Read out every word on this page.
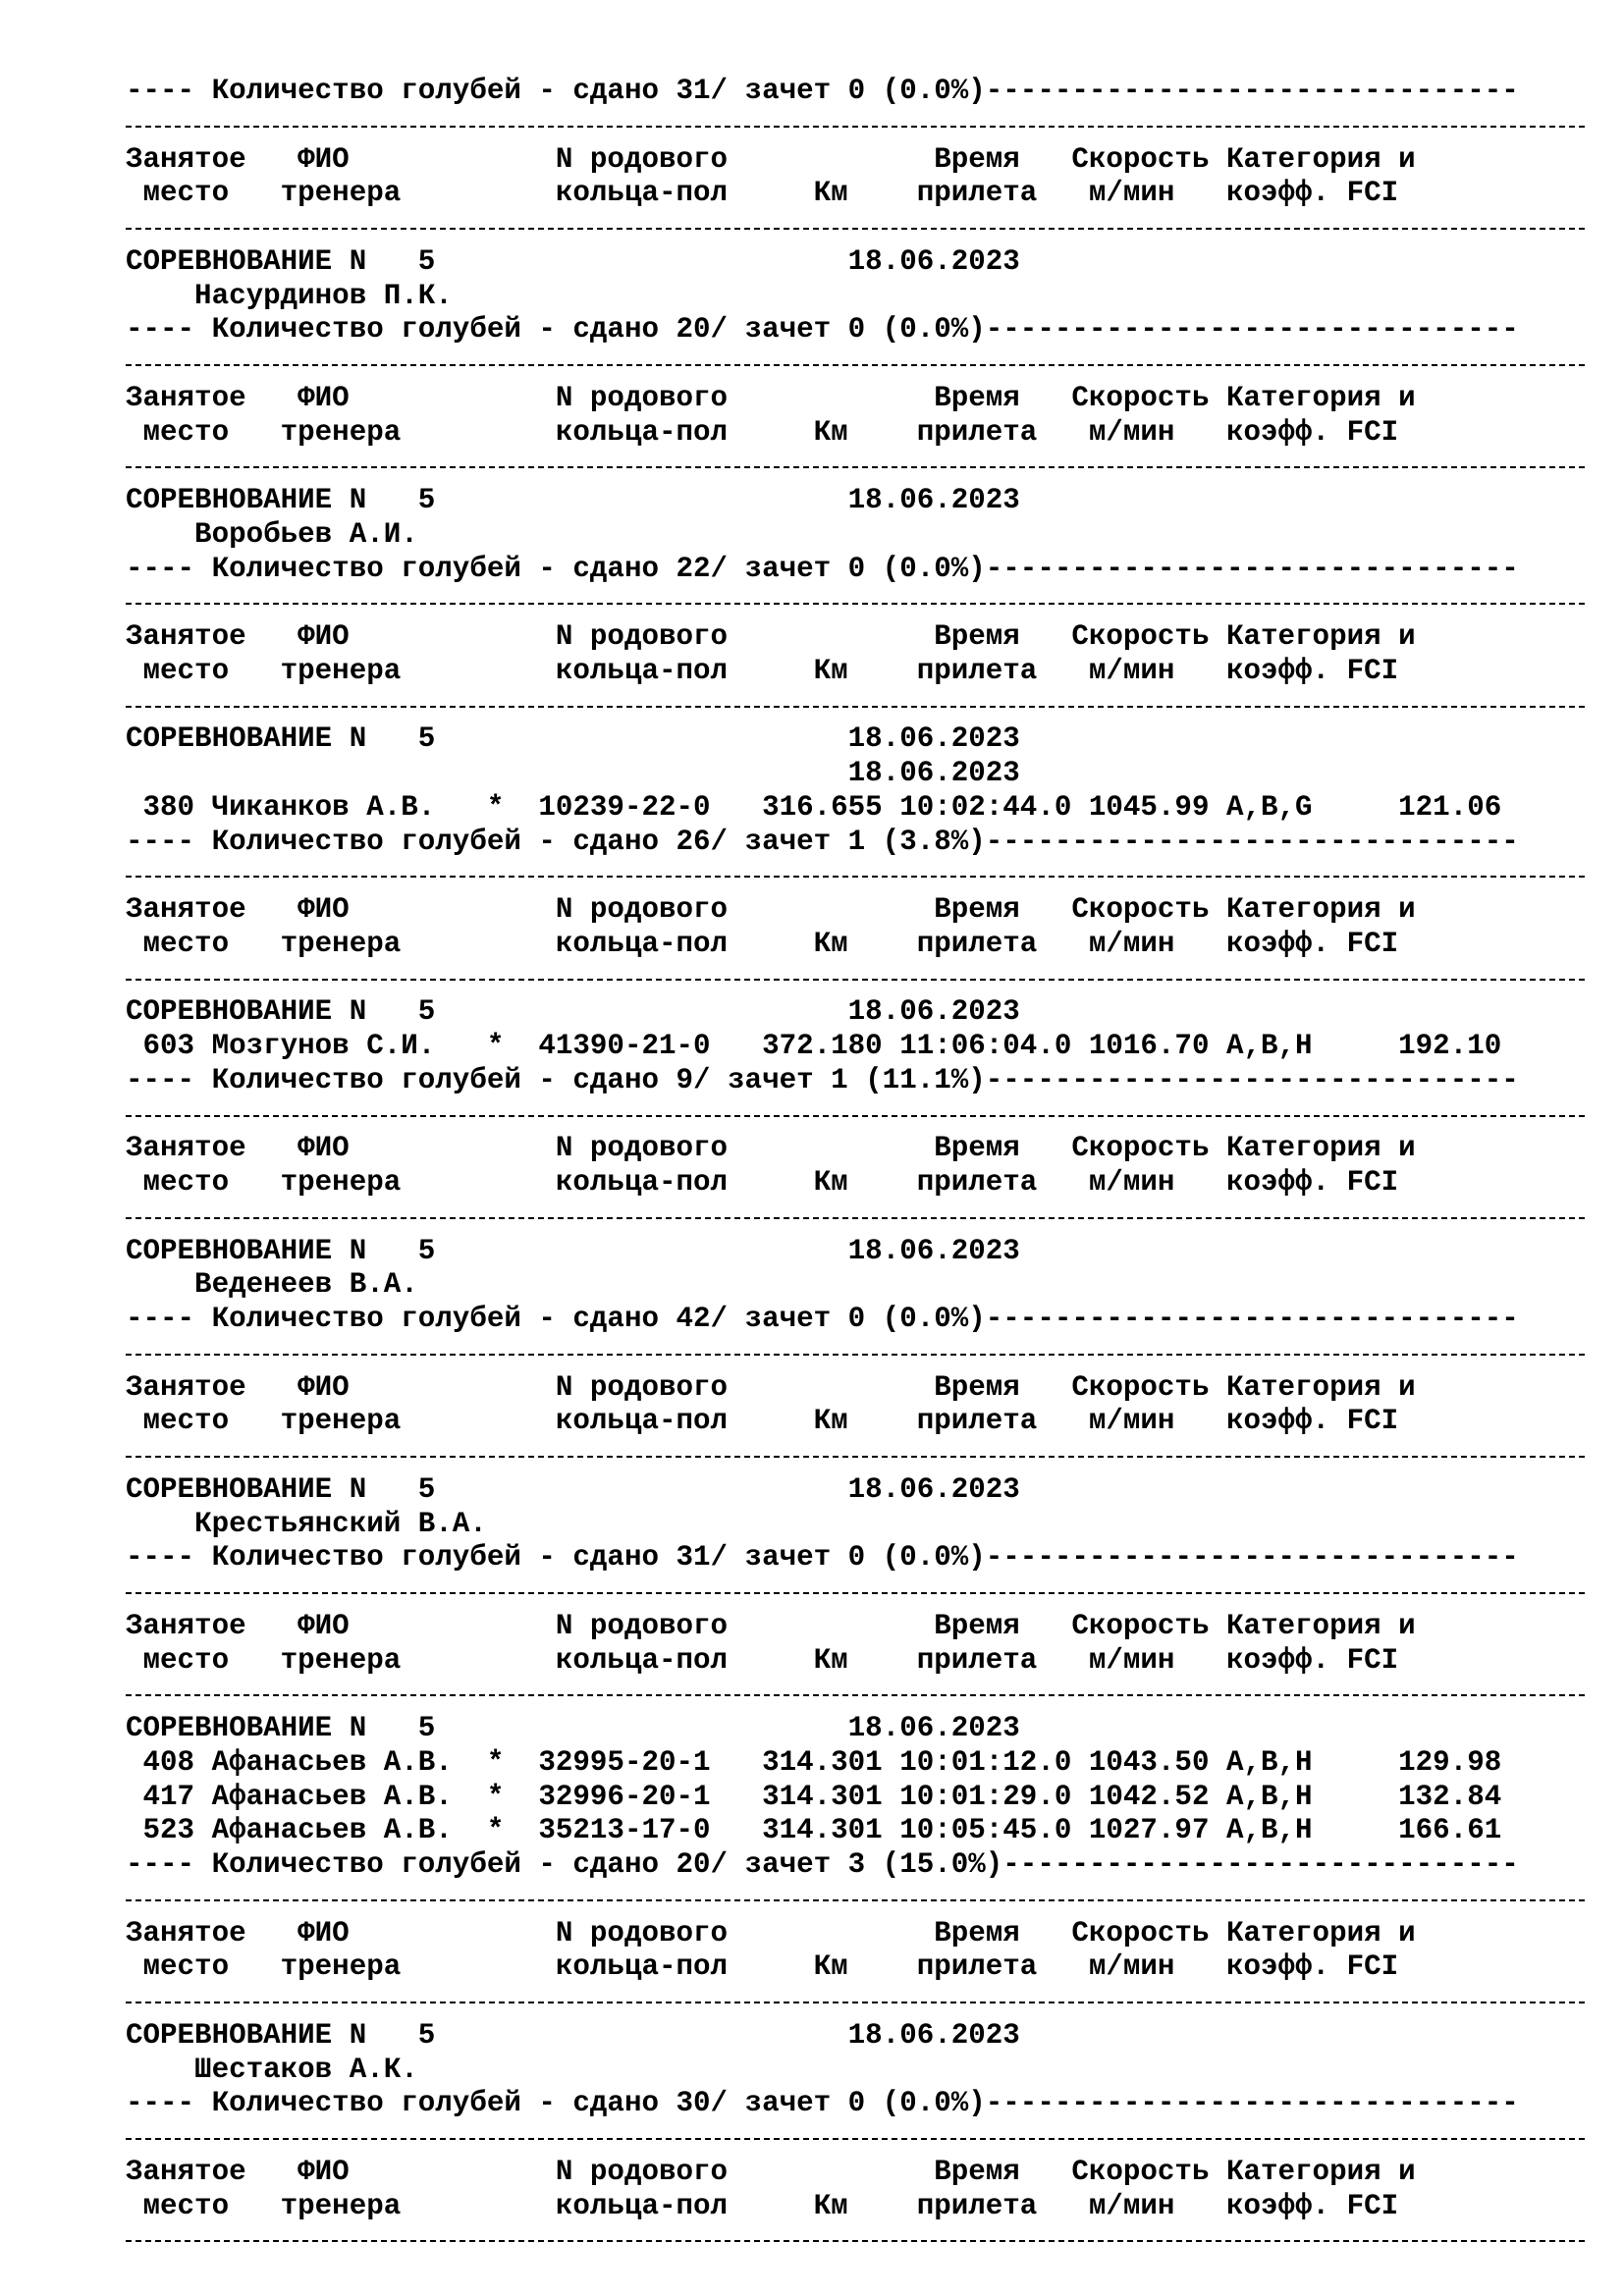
---- Количество голубей - сдано 31/ зачет 0 (0.0%)-------------------------------
Занятое   ФИО            N родового            Время   Скорость Категория и
место   тренера         кольца-пол     Км    прилета   м/мин   коэфф. FCI
СОРЕВНОВАНИЕ N   5                        18.06.2023
Насурдинов П.К.
---- Количество голубей - сдано 20/ зачет 0 (0.0%)-------------------------------
Занятое   ФИО            N родового            Время   Скорость Категория и
место   тренера         кольца-пол     Км    прилета   м/мин   коэфф. FCI
СОРЕВНОВАНИЕ N   5                        18.06.2023
Воробьев А.И.
---- Количество голубей - сдано 22/ зачет 0 (0.0%)-------------------------------
Занятое   ФИО            N родового            Время   Скорость Категория и
место   тренера         кольца-пол     Км    прилета   м/мин   коэфф. FCI
СОРЕВНОВАНИЕ N   5                        18.06.2023
18.06.2023
380 Чиканков А.В.   *  10239-22-0   316.655 10:02:44.0 1045.99 A,B,G     121.06
---- Количество голубей - сдано 26/ зачет 1 (3.8%)-------------------------------
Занятое   ФИО            N родового            Время   Скорость Категория и
место   тренера         кольца-пол     Км    прилета   м/мин   коэфф. FCI
СОРЕВНОВАНИЕ N   5                        18.06.2023
603 Мозгунов С.И.   *  41390-21-0   372.180 11:06:04.0 1016.70 A,B,H     192.10
---- Количество голубей - сдано 9/ зачет 1 (11.1%)-------------------------------
Занятое   ФИО            N родового            Время   Скорость Категория и
место   тренера         кольца-пол     Км    прилета   м/мин   коэфф. FCI
СОРЕВНОВАНИЕ N   5                        18.06.2023
Веденеев В.А.
---- Количество голубей - сдано 42/ зачет 0 (0.0%)-------------------------------
Занятое   ФИО            N родового            Время   Скорость Категория и
место   тренера         кольца-пол     Км    прилета   м/мин   коэфф. FCI
СОРЕВНОВАНИЕ N   5                        18.06.2023
Крестьянский В.А.
---- Количество голубей - сдано 31/ зачет 0 (0.0%)-------------------------------
Занятое   ФИО            N родового            Время   Скорость Категория и
место   тренера         кольца-пол     Км    прилета   м/мин   коэфф. FCI
СОРЕВНОВАНИЕ N   5                        18.06.2023
408 Афанасьев А.В.  *  32995-20-1   314.301 10:01:12.0 1043.50 A,B,H     129.98
417 Афанасьев А.В.  *  32996-20-1   314.301 10:01:29.0 1042.52 A,B,H     132.84
523 Афанасьев А.В.  *  35213-17-0   314.301 10:05:45.0 1027.97 A,B,H     166.61
---- Количество голубей - сдано 20/ зачет 3 (15.0%)------------------------------
Занятое   ФИО            N родового            Время   Скорость Категория и
место   тренера         кольца-пол     Км    прилета   м/мин   коэфф. FCI
СОРЕВНОВАНИЕ N   5                        18.06.2023
Шестаков А.К.
---- Количество голубей - сдано 30/ зачет 0 (0.0%)-------------------------------
Занятое   ФИО            N родового            Время   Скорость Категория и
место   тренера         кольца-пол     Км    прилета   м/мин   коэфф. FCI
